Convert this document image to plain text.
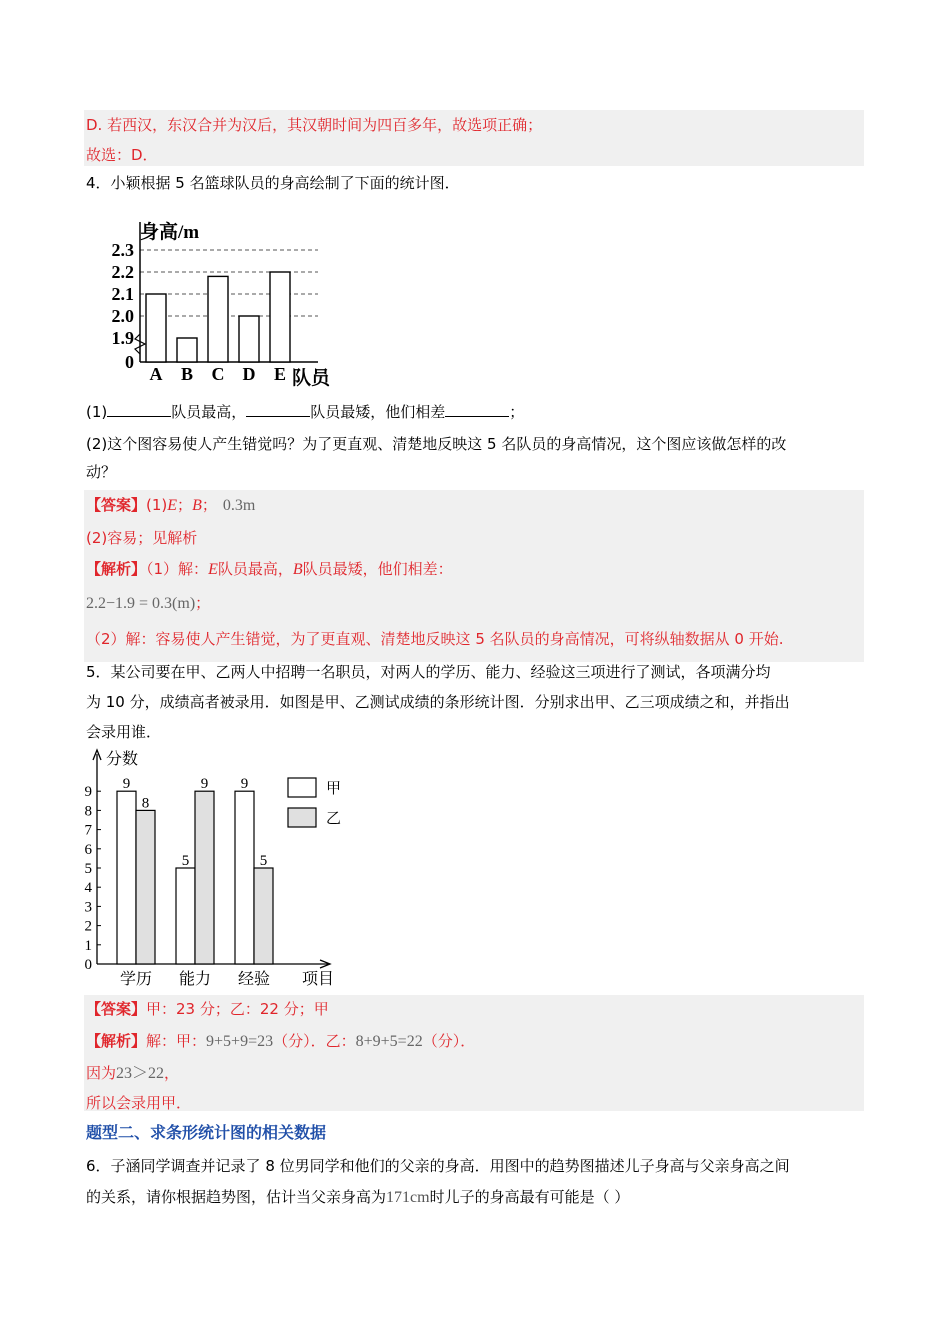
D. 若西汉，东汉合并为汉后，其汉朝时间为四百多年，故选项正确；
故选：D．
4．小颖根据 5 名篮球队员的身高绘制了下面的统计图．
身高/m
2.3
2.2
2.1
2.0
1.9
0
A B C D E 队员
(1)	队员最高，	队员最矮，他们相差	；
(2)这个图容易使人产生错觉吗？为了更直观、清楚地反映这 5 名队员的身高情况，这个图应该做怎样的改
动？
【答案】(1)E；B； 0.3m
(2)容易；见解析
【解析】（1）解：E队员最高，B队员最矮，他们相差：
2.2−1.9 = 0.3(m)；
（2）解：容易使人产生错觉，为了更直观、清楚地反映这 5 名队员的身高情况，可将纵轴数据从 0 开始.
5．某公司要在甲、乙两人中招聘一名职员，对两人的学历、能力、经验这三项进行了测试，各项满分均
为 10 分，成绩高者被录用．如图是甲、乙测试成绩的条形统计图．分别求出甲、乙三项成绩之和，并指出
会录用谁．
分数
0
1
2
3
4
5
6
7
8
9 9
8
5
9 9
5
学历 能力 经验 项目
甲
乙
【答案】甲：23 分；乙：22 分；甲
【解析】解：甲：9+5+9=23（分）．乙：8+9+5=22（分）．
因为23＞22，
所以会录用甲．
题型二、求条形统计图的相关数据
6．子涵同学调查并记录了 8 位男同学和他们的父亲的身高．用图中的趋势图描述儿子身高与父亲身高之间
的关系，请你根据趋势图，估计当父亲身高为171cm时儿子的身高最有可能是（ ）
